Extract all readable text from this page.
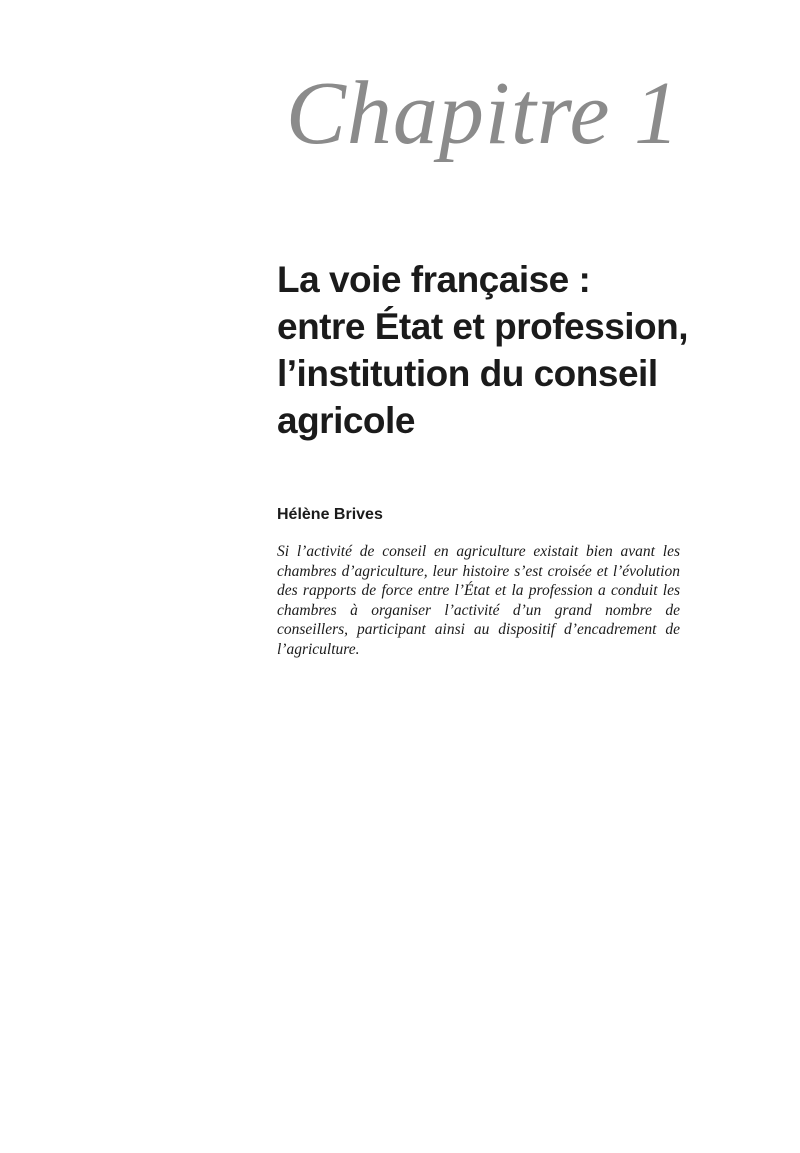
Chapitre 1
La voie française :
entre État et profession,
l’institution du conseil
agricole
Hélène Brives
Si l’activité de conseil en agriculture existait bien avant les chambres d’agriculture, leur histoire s’est croisée et l’évolution des rapports de force entre l’État et la profession a conduit les chambres à organiser l’activité d’un grand nombre de conseillers, participant ainsi au dispositif d’encadrement de l’agriculture.
